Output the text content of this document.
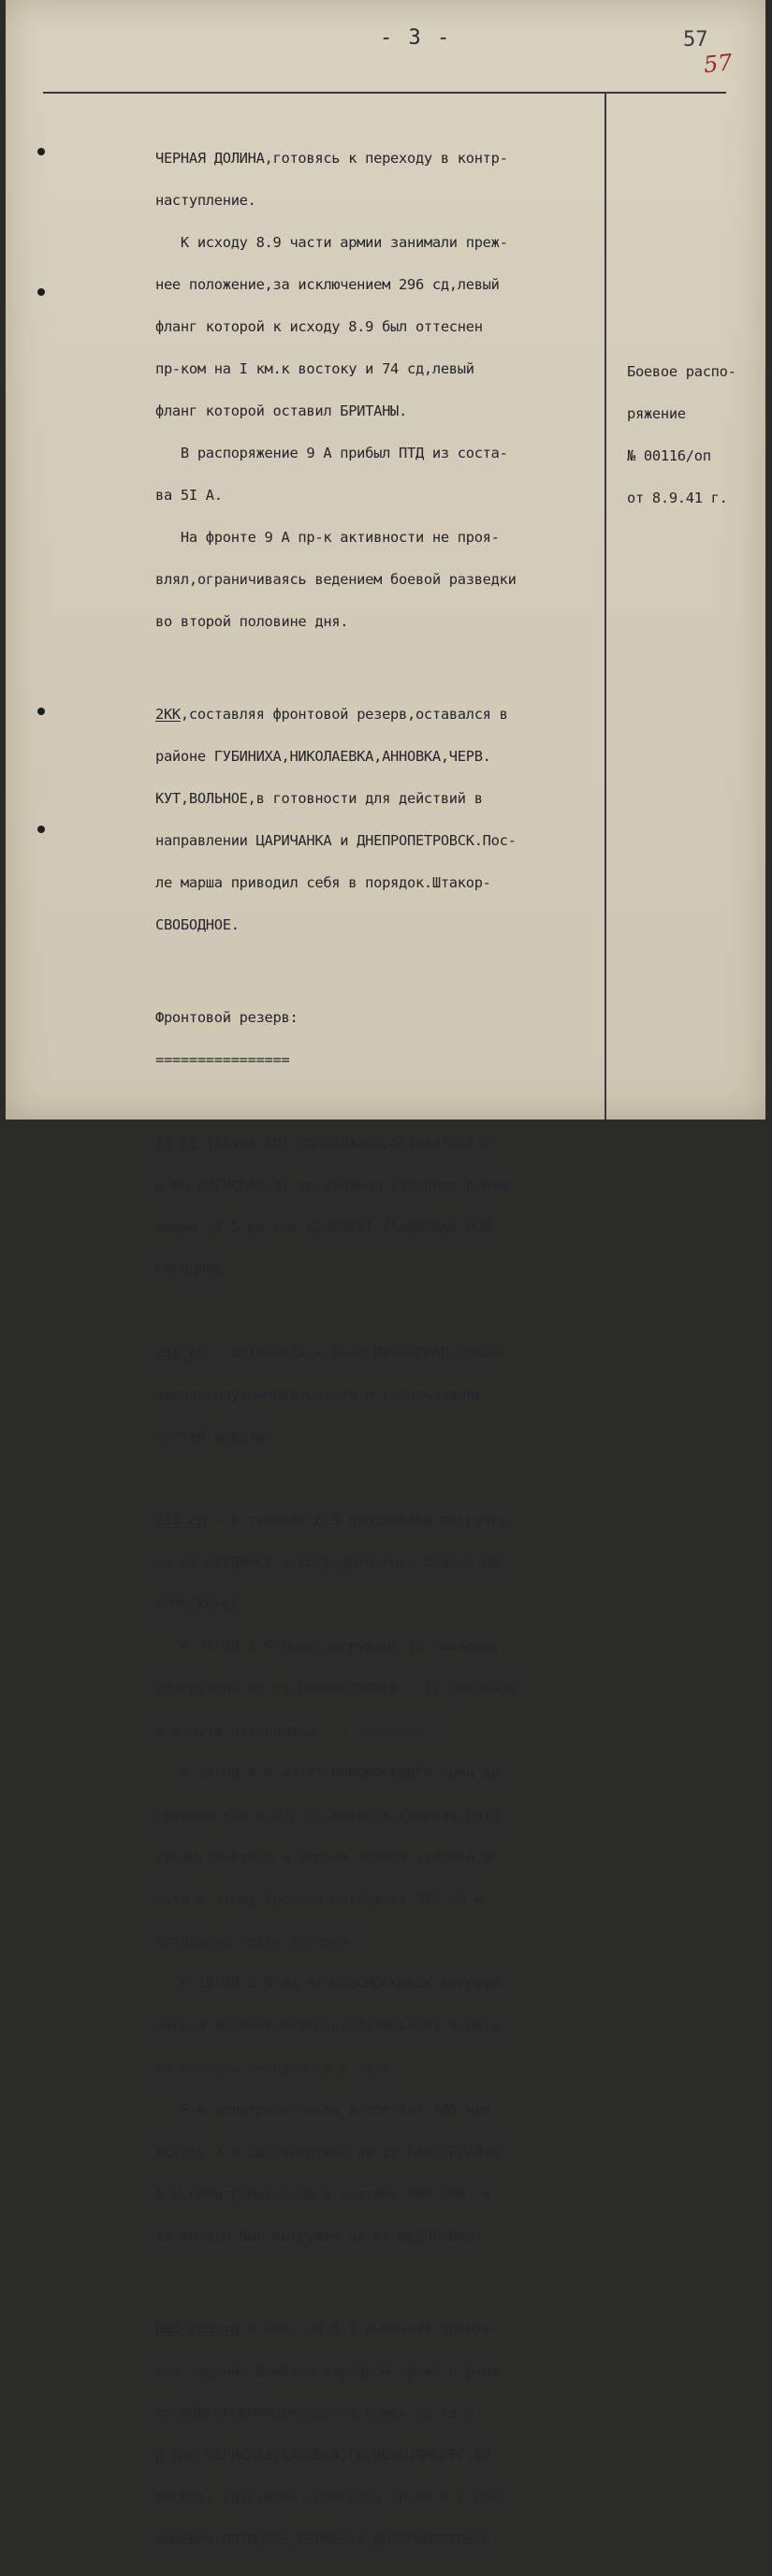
- 3 -	57
57

ЧЕРНАЯ ДОЛИНА,готовясь к переходу в контр-

наступление.

К исходу 8.9 части армии занимали преж-

нее положение,за исключением 296 сд,левый

фланг которой к исходу 8.9 был оттеснен

пр-ком на I км.к востоку и 74 сд,левый

фланг которой оставил БРИТАНЫ.

В распоряжение 9 А прибыл ПТД из соста-

ва 5I А.

На фронте 9 А пр-к активности не проя-

влял,ограничиваясь ведением боевой разведки

во второй половине дня.

2КК,составляя фронтовой резерв,оставался в

районе ГУБИНИХА,НИКОЛАЕВКА,АННОВКА,ЧЕРВ.

КУТ,ВОЛЬНОЕ,в готовности для действий в

направлении ЦАРИЧАНКА и ДНЕПРОПЕТРОВСК.Пос-

ле марша приводил себя в порядок.Штакор-

СВОБОДНОЕ.

Фронтовой резерв:

================

15 сд (двумя сп) продолжала,оставаться в

р-не БОГУСЛАВ.47 сп занимал укреплял рубеж

озеро (2,5 км.сев.КАМЕНКА),УЛЬЯНОВКА,ПОД-

ГОРОДНОЕ.

218 сд - оставаясь в р-не ПАВЛОГРАД,закан-

чивала доукомплектование и сколачивание

частей дивизии.

261 сд - в течение 8.9 продолжала погрузку

на ст.БЕРДЯНСК и сосредоточение районе НО-

ВОМОСКОВСК.

К 21.00 8.9 было погружено 16 эшелонов,

разгружено на ст.НОВОМОСКОВСК - II эшелонов

и в пути находилось - 5 эшелонов.

К 24.00 8.9 на ст.НОВОМОСКОВСК были вы-

гружены 976 и 978 сп,артполк,сапрота,рота

связи,химвзвод и первый эшелон штадива.В

пути к этому времени находился 974 сп и

остальные части дивизии.

К 18.00 8.9 на ст.НОВОМОСКОВСК выгрузи-

лись 4 эшелона маршевых батальонов и четы-

ре эшелона находилось в пути.

Б-н политработников в составе 500 чел.

исходу 7.9 был выгружен на ст.ПАВЛОГРАД и

б-н политработников в составе 800 чел. в

15.48 8.9 был выгружен на ст.ФЕДОРОВКА.

ВВС Фронта в ночь на 8.9,выполняя фронто-

вые задачи, бомбили аэродром пр-ка в р-не

ст.ПОДГОРОДНЯЯ,скопление войск пр-ка в

р-нах БЕРИСЛАВ,САЛОВКА,ГОРИШНЫ,ЯМБУРГ,ВО-

ЛОСКОЕ; разрушали переправы пр-ка в р-нах

КАМЕННО-ПОТОЦКОЕ,ДЕРИЕВКА,ДНЕПРОПЕТРОВСК,

Боевое распо-

ряжение

№ 00116/оп

от 8.9.41 г.
